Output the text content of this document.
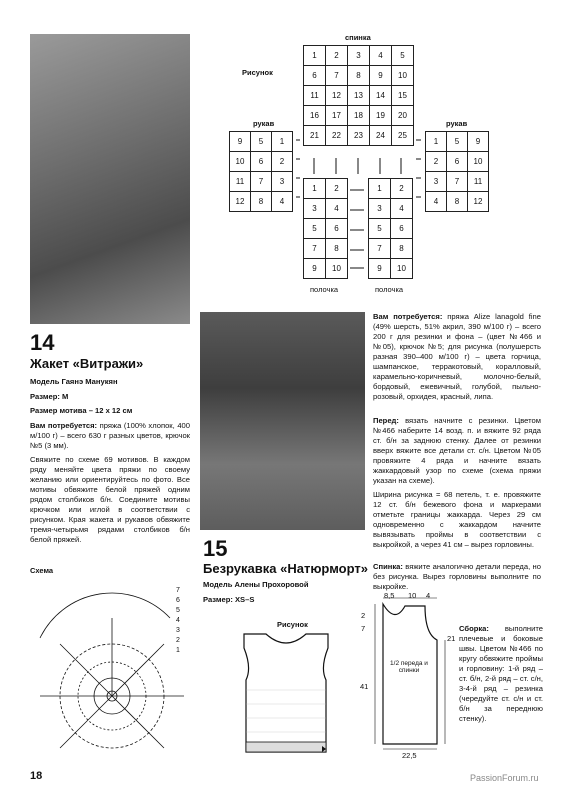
спинка
Рисунок
1	2	3	4	5
6	7	8	9	10
11	12	13	14	15
16	17	18	19	20
21	22	23	24	25
рукав
9	5	1
10	6	2
11	7	3
12	8	4
рукав
1	5	9
2	6	10
3	7	11
4	8	12
1	2
3	4
5	6
7	8
9	10
1	2
3	4
5	6
7	8
9	10
полочка	полочка
14
Жакет «Витражи»
Модель Гаянэ Манукян
Размер: М
Размер мотива – 12 х 12 см
Вам потребуется: пряжа (100% хлопок, 400 м/100 г) – всего 630 г разных цветов, крючок №5 (3 мм).
Свяжите по схеме 69 мотивов. В каждом ряду меняйте цвета пряжи по своему желанию или ориентируйтесь по фото. Все мотивы обвяжите белой пряжей одним рядом столбиков б/н. Соедините мотивы крючком или иглой в соответствии с рисунком. Края жакета и рукавов обвяжите тремя-четырьмя рядами столбиков б/н белой пряжей.
Схема
7
6
5
4
3
2
1
15
Безрукавка «Натюрморт»
Модель Алены Прохоровой
Размер: XS–S
Рисунок
Вам потребуется: пряжа Alize lanagold fine (49% шерсть, 51% акрил, 390 м/100 г) – всего 200 г для резинки и фона – (цвет №466 и №05), крючок №5; для рисунка (полушерсть разная 390–400 м/100 г) – цвета горчица, шампанское, терракотовый, коралловый, карамельно-коричневый, молочно-белый, бордовый, ежевичный, голубой, пыльно-розовый, орхидея, красный, липа.
Перед: вязать начните с резинки. Цветом №466 наберите 14 возд. п. и вяжите 92 ряда ст. б/н за заднюю стенку. Далее от резинки вверх вяжите все детали ст. с/н. Цветом №05 провяжите 4 ряда и начните вязать жаккардовый узор по схеме (схема пряжи указан на схеме).
Ширина рисунка = 68 петель, т. е. провяжите 12 ст. б/н бежевого фона и маркерами отметьте границы жаккарда. Через 29 см одновременно с жаккардом начните вывязывать проймы в соответствии с выкройкой, а через 41 см – вырез горловины.
Спинка: вяжите аналогично детали переда, но без рисунка. Вырез горловины выполните по выкройке.
Сборка: выполните плечевые и боковые швы. Цветом №466 по кругу обвяжите проймы и горловину: 1-й ряд – ст. б/н, 2-й ряд – ст. с/н, 3-4-й ряд – резинка (чередуйте ст. с/н и ст. б/н за переднюю стенку).
8,5 10 4
2
7
21
41
1/2 переда и спинки
22,5
18	PassionForum.ru
